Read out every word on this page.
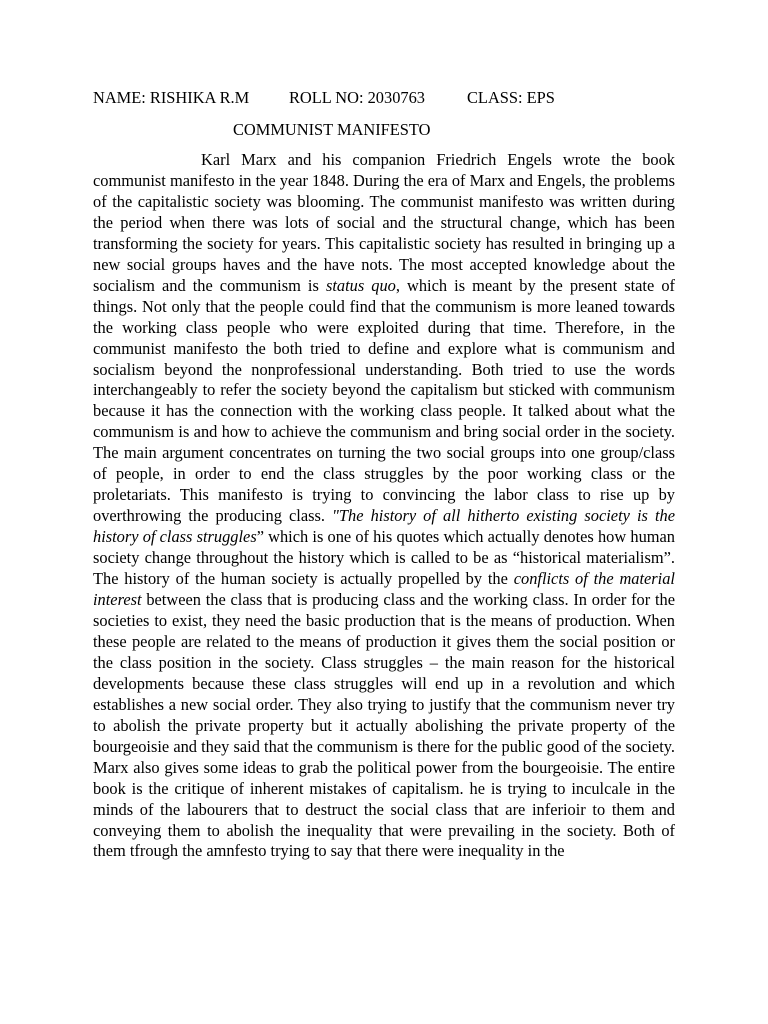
NAME: RISHIKA R.M ROLL NO: 2030763	CLASS: EPS
COMMUNIST MANIFESTO

Karl Marx and his companion Friedrich Engels wrote the book communist manifesto in the year 1848. During the era of Marx and Engels, the problems of the capitalistic society was blooming. The communist manifesto was written during the period when there was lots of social and the structural change, which has been transforming the society for years. This capitalistic society has resulted in bringing up a new social groups haves and the have nots. The most accepted knowledge about the socialism and the communism is status quo, which is meant by the present state of things. Not only that the people could find that the communism is more leaned towards the working class people who were exploited during that time. Therefore, in the communist manifesto the both tried to define and explore what is communism and socialism beyond the nonprofessional understanding. Both tried to use the words interchangeably to refer the society beyond the capitalism but sticked with communism because it has the connection with the working class people. It talked about what the communism is and how to achieve the communism and bring social order in the society. The main argument concentrates on turning the two social groups into one group/class of people, in order to end the class struggles by the poor working class or the proletariats. This manifesto is trying to convincing the labor class to rise up by overthrowing the producing class. "The history of all hitherto existing society is the history of class struggles” which is one of his quotes which actually denotes how human society change throughout the history which is called to be as “historical materialism”. The history of the human society is actually propelled by the conflicts of the material interest between the class that is producing class and the working class. In order for the societies to exist, they need the basic production that is the means of production. When these people are related to the means of production it gives them the social position or the class position in the society. Class struggles – the main reason for the historical developments because these class struggles will end up in a revolution and which establishes a new social order. They also trying to justify that the communism never try to abolish the private property but it actually abolishing the private property of the bourgeoisie and they said that the communism is there for the public good of the society. Marx also gives some ideas to grab the political power from the bourgeoisie. The entire book is the critique of inherent mistakes of capitalism. he is trying to inculcale in the minds of the labourers that to destruct the social class that are inferioir to them and conveying them to abolish the inequality that were prevailing in the society. Both of them tfrough the amnfesto trying to say that there were inequality in the
